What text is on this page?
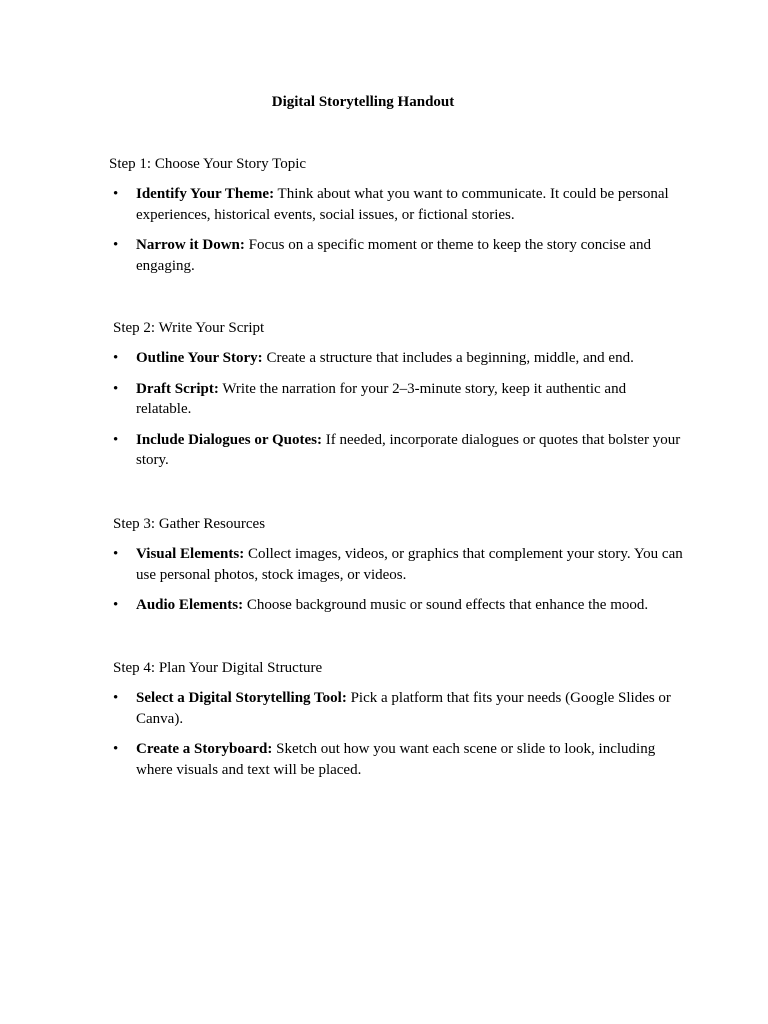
Digital Storytelling Handout
Step 1: Choose Your Story Topic
• Identify Your Theme: Think about what you want to communicate. It could be personal experiences, historical events, social issues, or fictional stories.
• Narrow it Down: Focus on a specific moment or theme to keep the story concise and engaging.
Step 2: Write Your Script
• Outline Your Story: Create a structure that includes a beginning, middle, and end.
• Draft Script: Write the narration for your 2–3-minute story, keep it authentic and relatable.
• Include Dialogues or Quotes: If needed, incorporate dialogues or quotes that bolster your story.
Step 3: Gather Resources
• Visual Elements: Collect images, videos, or graphics that complement your story. You can use personal photos, stock images, or videos.
• Audio Elements: Choose background music or sound effects that enhance the mood.
Step 4: Plan Your Digital Structure
• Select a Digital Storytelling Tool: Pick a platform that fits your needs (Google Slides or Canva).
• Create a Storyboard: Sketch out how you want each scene or slide to look, including where visuals and text will be placed.
